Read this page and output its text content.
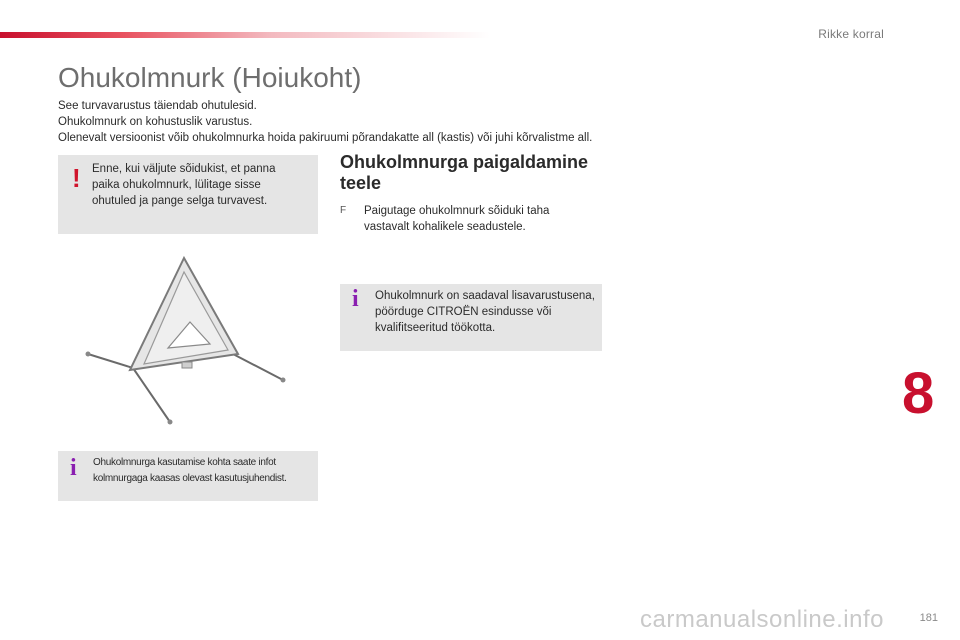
Rikke korral
Ohukolmnurk (Hoiukoht)

See turvavarustus täiendab ohutulesid.

Ohukolmnurk on kohustuslik varustus.

Olenevalt versioonist võib ohukolmnurka hoida pakiruumi põrandakatte all (kastis) või juhi kõrvalistme all.

! Enne, kui väljute sõidukist, et panna paika ohukolmnurk, lülitage sisse ohutuled ja pange selga turvavest.
i Ohukolmnurga kasutamise kohta saate infot kolmnurgaga kaasas olevast kasutusjuhendist.
Ohukolmnurga paigaldamine teele
F Paigutage ohukolmnurk sõiduki taha vastavalt kohalikele seadustele.
i Ohukolmnurk on saadaval lisavarustusena, pöörduge CITROËN esindusse või kvalifitseeritud töökotta.
8
181
carmanualsonline.info
